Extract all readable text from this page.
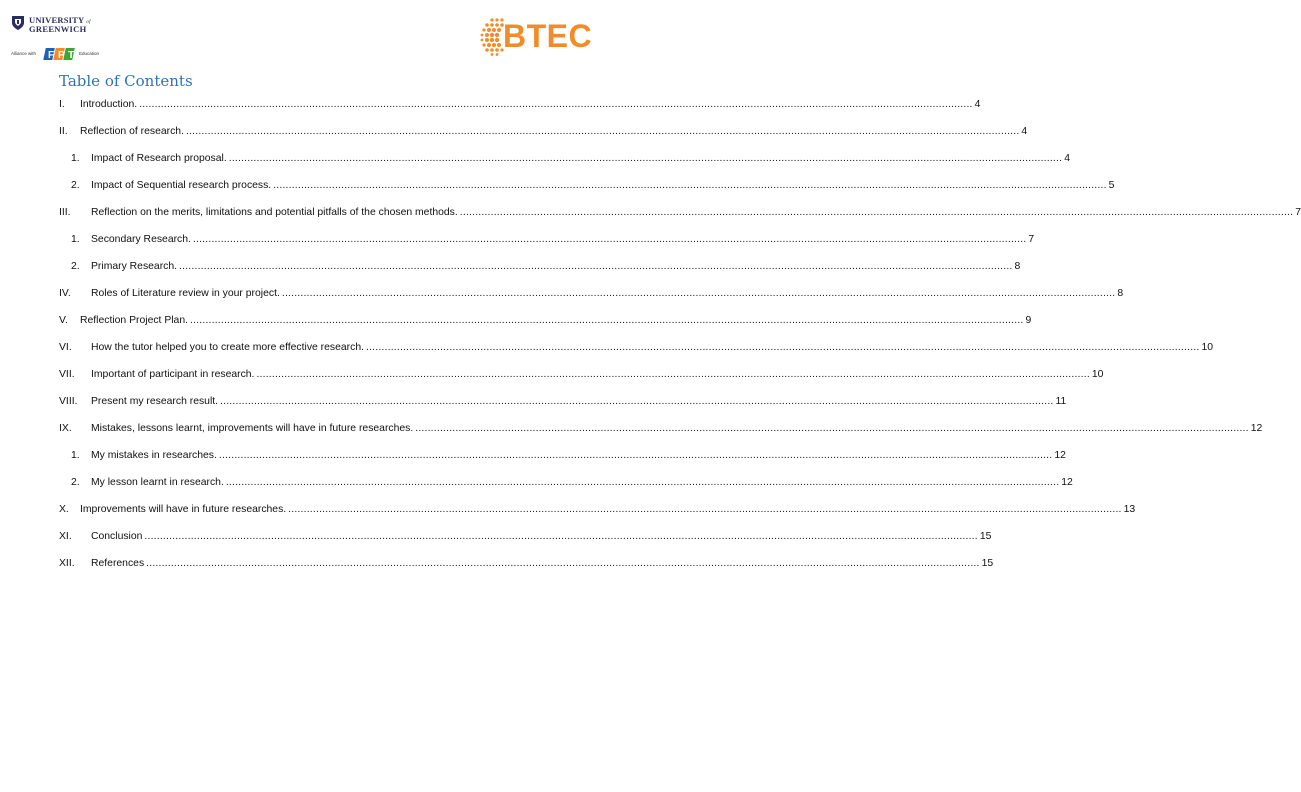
UNIVERSITY of
GREENWICH
Alliance with F P T Education	BTEC
Table of Contents
I.	Introduction. .............................................................................................................................................................................................................................................................................. 4
II.	Reflection of research. .............................................................................................................................................................................................................................................................................. 4
1.	Impact of Research proposal. .............................................................................................................................................................................................................................................................................. 4
2.	Impact of Sequential research process. .............................................................................................................................................................................................................................................................................. 5
III.	Reflection on the merits, limitations and potential pitfalls of the chosen methods. .............................................................................................................................................................................................................................................................................. 7
1.	Secondary Research. .............................................................................................................................................................................................................................................................................. 7
2.	Primary Research. .............................................................................................................................................................................................................................................................................. 8
IV.	Roles of Literature review in your project. .............................................................................................................................................................................................................................................................................. 8
V.	Reflection Project Plan. .............................................................................................................................................................................................................................................................................. 9
VI.	How the tutor helped you to create more effective research. .............................................................................................................................................................................................................................................................................. 10
VII.	Important of participant in research. .............................................................................................................................................................................................................................................................................. 10
VIII.	Present my research result. .............................................................................................................................................................................................................................................................................. 11
IX.	Mistakes, lessons learnt, improvements will have in future researches. .............................................................................................................................................................................................................................................................................. 12
1.	My mistakes in researches. .............................................................................................................................................................................................................................................................................. 12
2.	My lesson learnt in research. .............................................................................................................................................................................................................................................................................. 12
X.	Improvements will have in future researches. .............................................................................................................................................................................................................................................................................. 13
XI.	Conclusion .............................................................................................................................................................................................................................................................................. 15
XII.	References .............................................................................................................................................................................................................................................................................. 15
